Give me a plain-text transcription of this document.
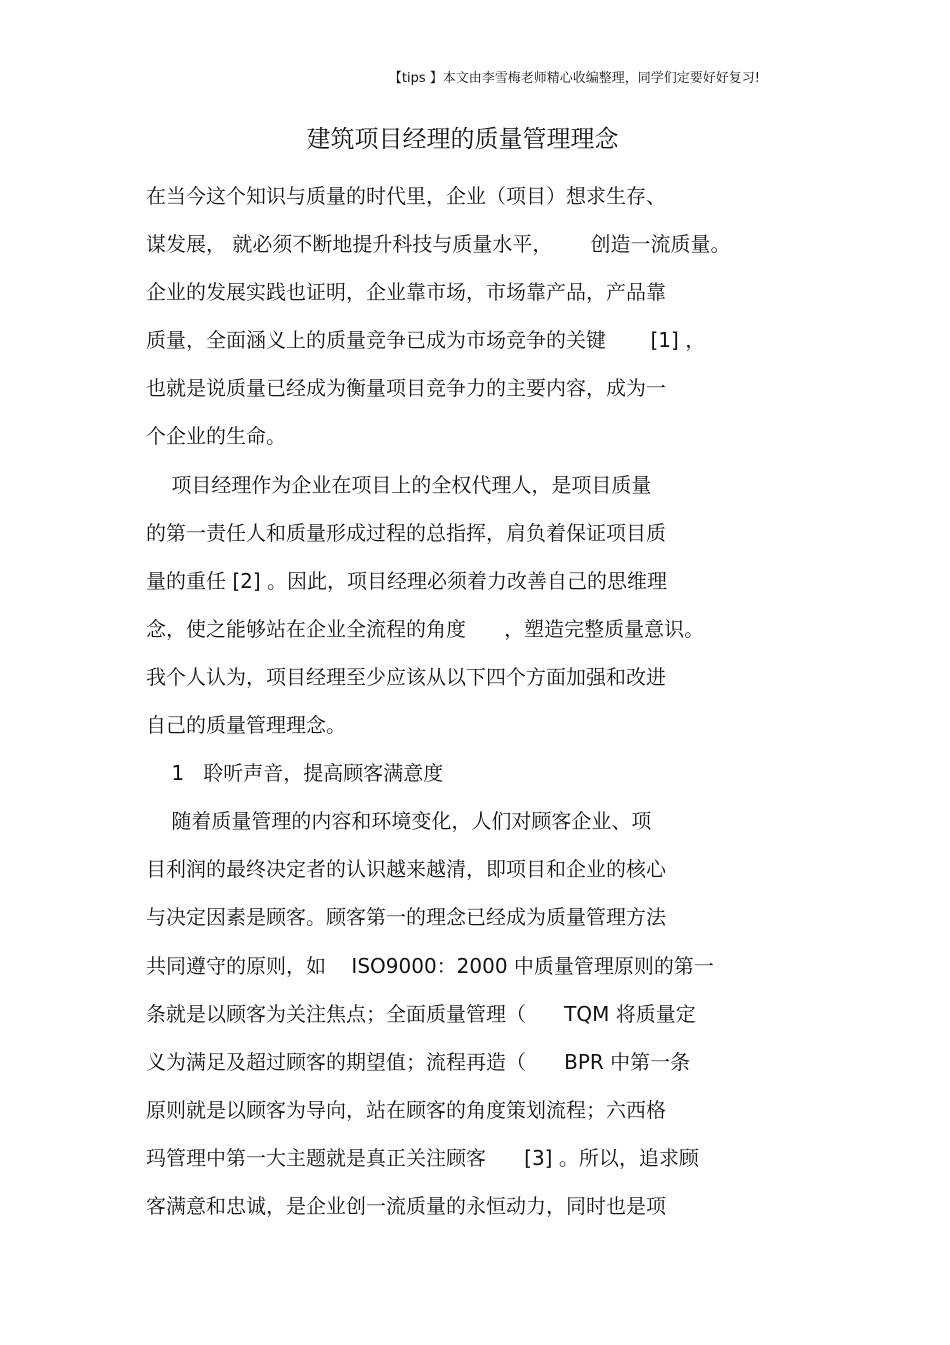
【tips 】本文由李雪梅老师精心收编整理，同学们定要好好复习!
建筑项目经理的质量管理理念
在当今这个知识与质量的时代里，企业（项目）想求生存、
谋发展， 就必须不断地提升科技与质量水平，      创造一流质量。
企业的发展实践也证明，企业靠市场，市场靠产品，产品靠
质量，全面涵义上的质量竞争已成为市场竞争的关键       [1] ，
也就是说质量已经成为衡量项目竞争力的主要内容，成为一
个企业的生命。
项目经理作为企业在项目上的全权代理人，是项目质量
的第一责任人和质量形成过程的总指挥，肩负着保证项目质
量的重任 [2] 。因此，项目经理必须着力改善自己的思维理
念，使之能够站在企业全流程的角度      ，塑造完整质量意识。
我个人认为，项目经理至少应该从以下四个方面加强和改进
自己的质量管理理念。
1   聆听声音，提高顾客满意度
随着质量管理的内容和环境变化，人们对顾客企业、项
目利润的最终决定者的认识越来越清，即项目和企业的核心
与决定因素是顾客。顾客第一的理念已经成为质量管理方法
共同遵守的原则，如    ISO9000：2000 中质量管理原则的第一
条就是以顾客为关注焦点；全面质量管理（      TQM 将质量定
义为满足及超过顾客的期望值；流程再造（      BPR 中第一条
原则就是以顾客为导向，站在顾客的角度策划流程；六西格
玛管理中第一大主题就是真正关注顾客      [3] 。所以，追求顾
客满意和忠诚，是企业创一流质量的永恒动力，同时也是项
